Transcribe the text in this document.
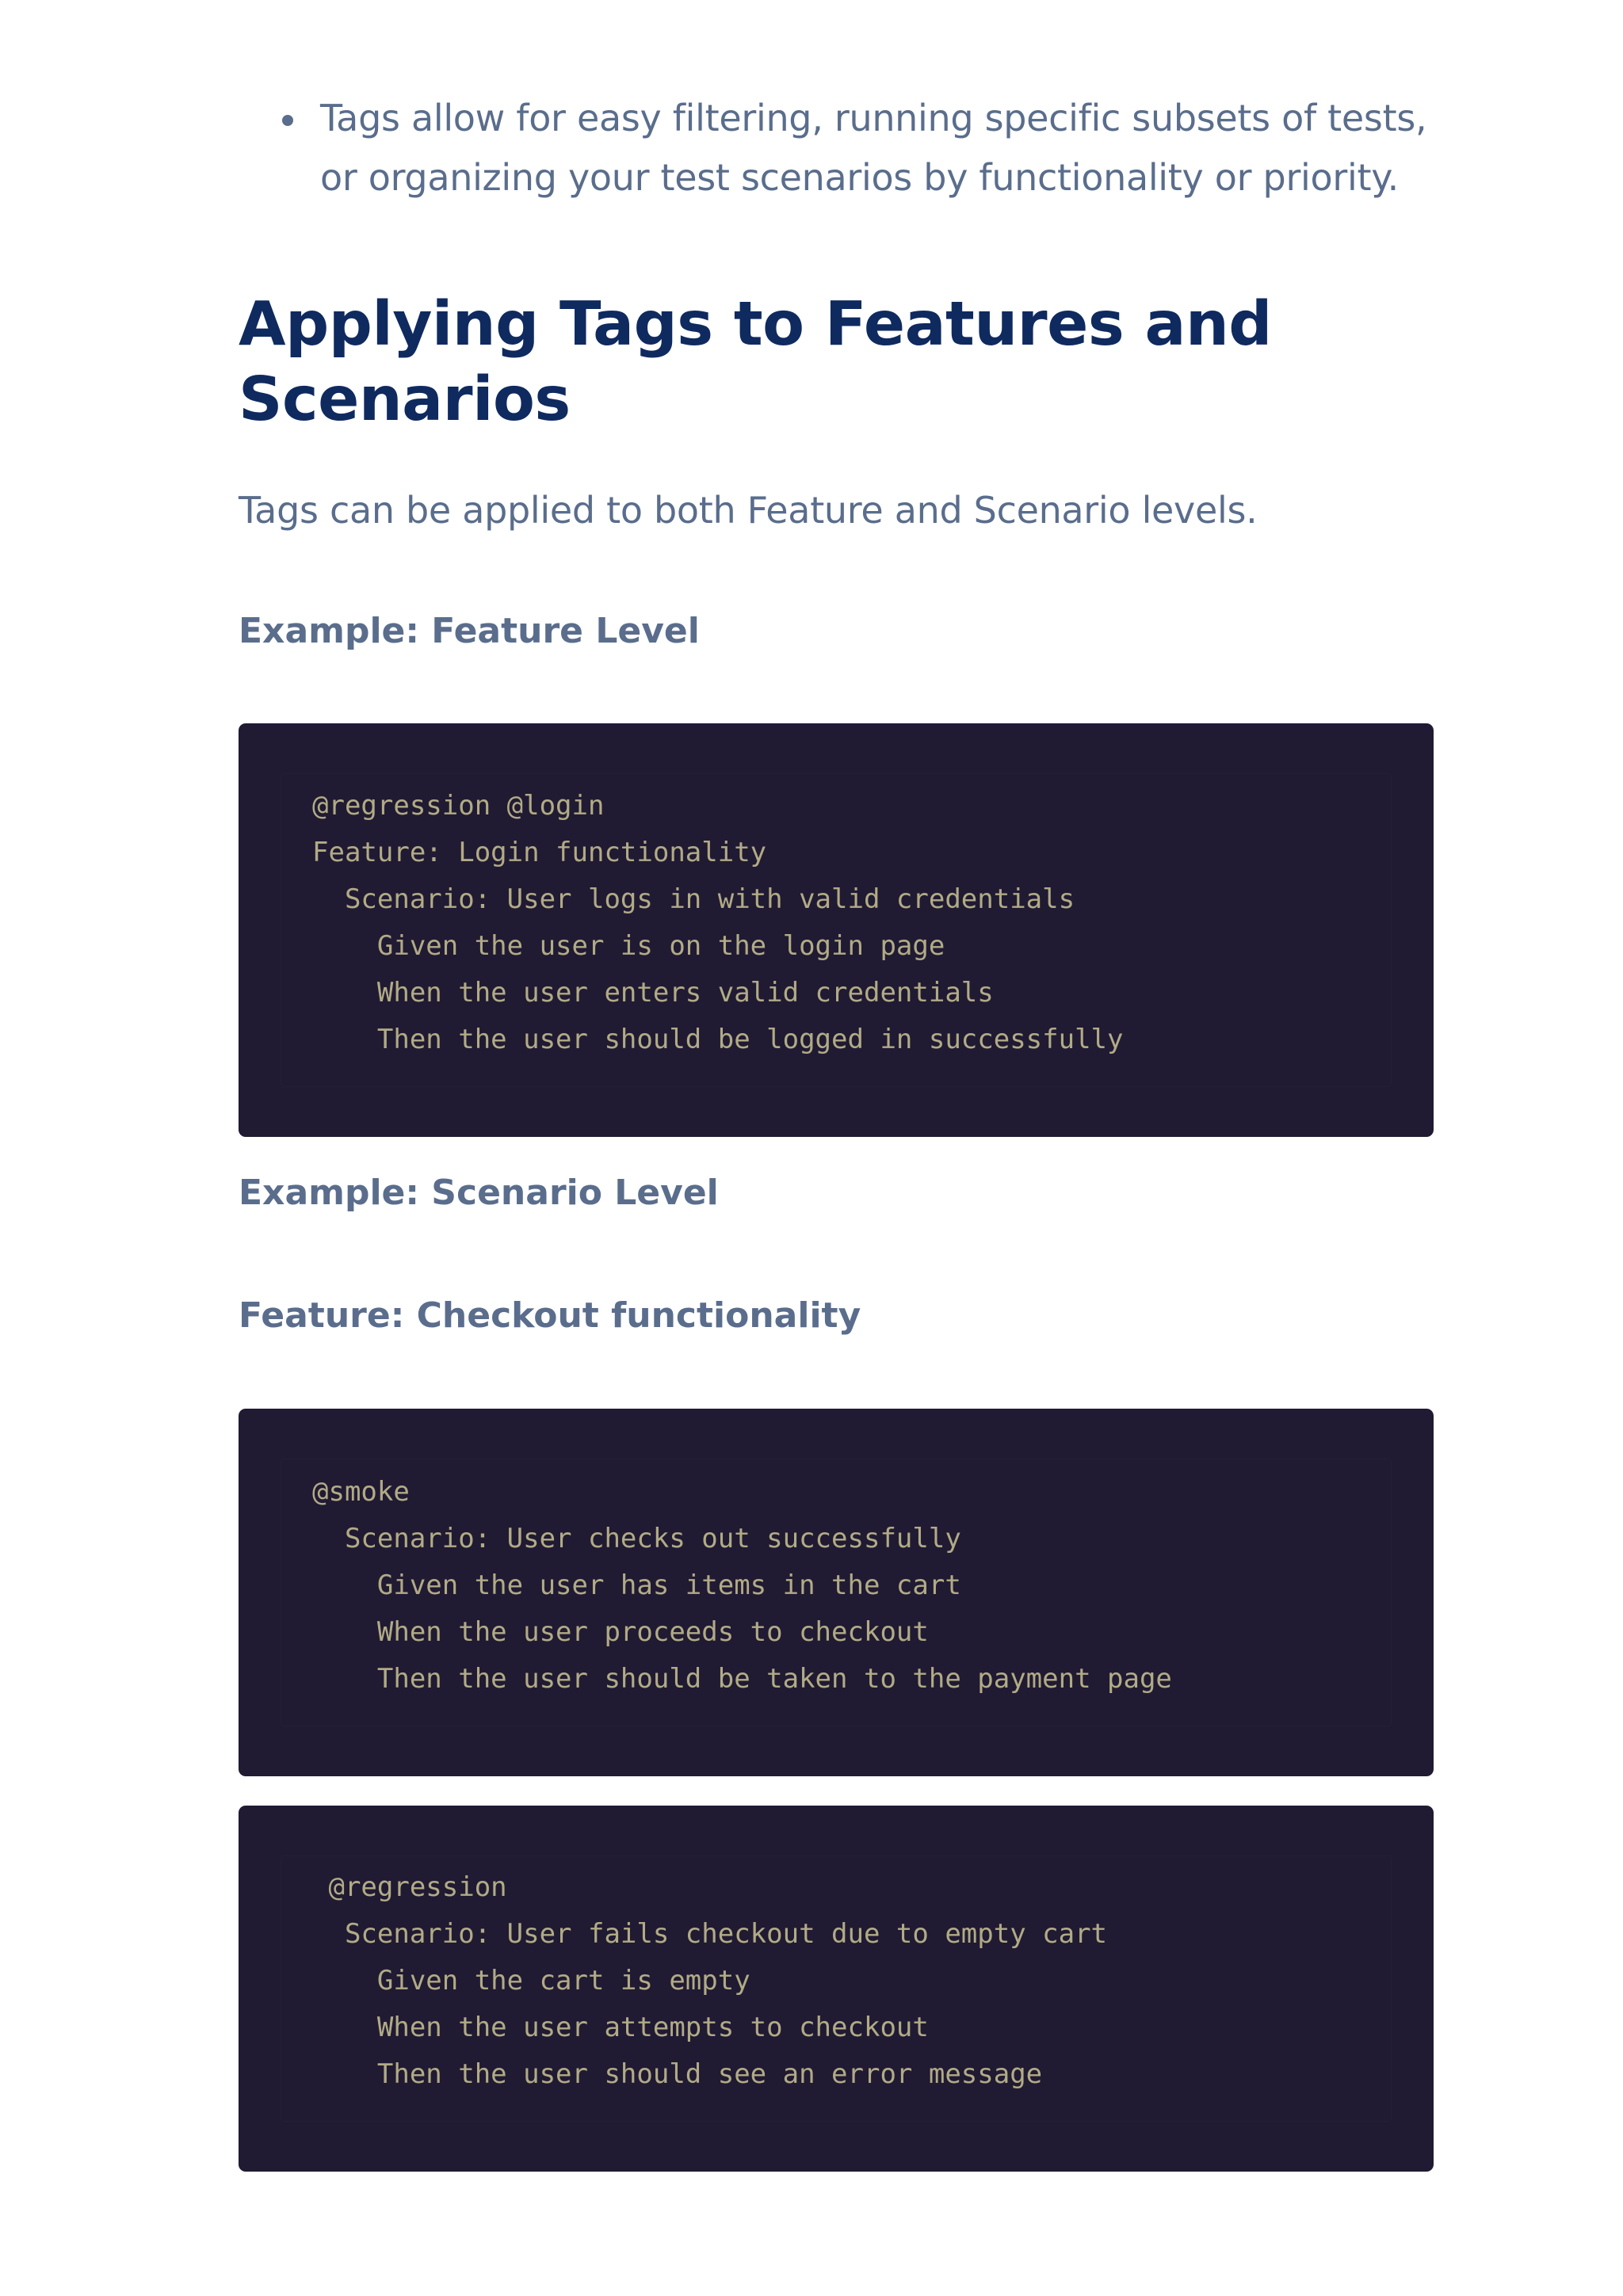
Tags allow for easy filtering, running specific subsets of tests, or organizing your test scenarios by functionality or priority.
Applying Tags to Features and Scenarios

Tags can be applied to both Feature and Scenario levels.

Example: Feature Level
@regression @login
Feature: Login functionality
Scenario: User logs in with valid credentials
Given the user is on the login page
When the user enters valid credentials
Then the user should be logged in successfully
Example: Scenario Level
Feature: Checkout functionality
@smoke
Scenario: User checks out successfully
Given the user has items in the cart
When the user proceeds to checkout
Then the user should be taken to the payment page
@regression
Scenario: User fails checkout due to empty cart
Given the cart is empty
When the user attempts to checkout
Then the user should see an error message
